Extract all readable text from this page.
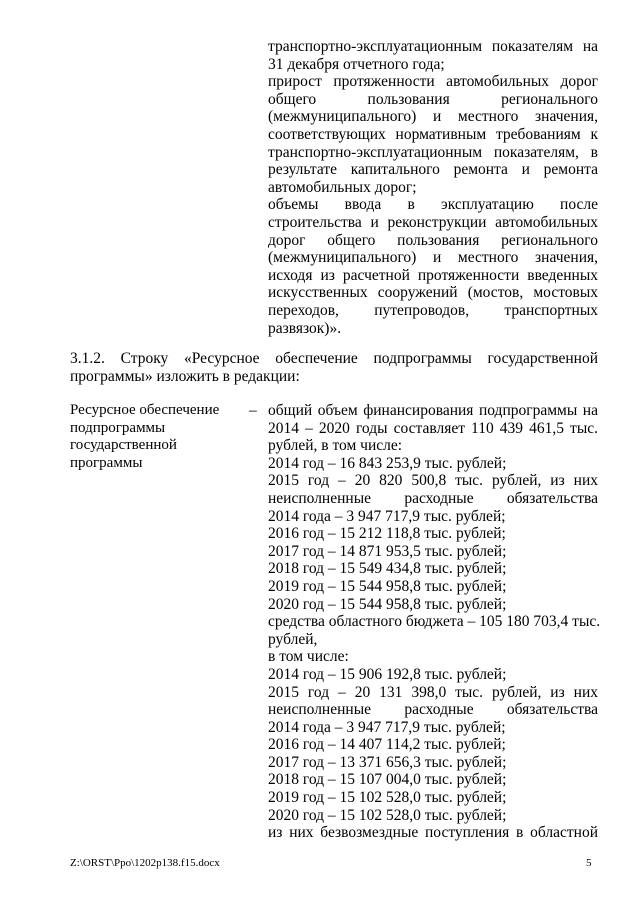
транспортно-эксплуатационным показателям на
31 декабря отчетного года;
прирост протяженности автомобильных дорог
общего пользования регионального
(межмуниципального) и местного значения,
соответствующих нормативным требованиям к
транспортно-эксплуатационным показателям, в
результате капитального ремонта и ремонта
автомобильных дорог;
объемы ввода в эксплуатацию после
строительства и реконструкции автомобильных
дорог общего пользования регионального
(межмуниципального) и местного значения,
исходя из расчетной протяженности введенных
искусственных сооружений (мостов, мостовых
переходов, путепроводов, транспортных
развязок)».
3.1.2. Строку «Ресурсное обеспечение подпрограммы государственной
программы» изложить в редакции:
Ресурсное обеспечение
подпрограммы
государственной
программы
– общий объем финансирования подпрограммы на
2014 – 2020 годы составляет 110 439 461,5 тыс.
рублей, в том числе:
2014 год – 16 843 253,9 тыс. рублей;
2015 год – 20 820 500,8 тыс. рублей, из них
неисполненные расходные обязательства
2014 года – 3 947 717,9 тыс. рублей;
2016 год – 15 212 118,8 тыс. рублей;
2017 год – 14 871 953,5 тыс. рублей;
2018 год – 15 549 434,8 тыс. рублей;
2019 год – 15 544 958,8 тыс. рублей;
2020 год – 15 544 958,8 тыс. рублей;
средства областного бюджета – 105 180 703,4 тыс.
рублей,
в том числе:
2014 год – 15 906 192,8 тыс. рублей;
2015 год – 20 131 398,0 тыс. рублей, из них
неисполненные расходные обязательства
2014 года – 3 947 717,9 тыс. рублей;
2016 год – 14 407 114,2 тыс. рублей;
2017 год – 13 371 656,3 тыс. рублей;
2018 год – 15 107 004,0 тыс. рублей;
2019 год – 15 102 528,0 тыс. рублей;
2020 год – 15 102 528,0 тыс. рублей;
из них безвозмездные поступления в областной
Z:\ORST\Ppo\1202p138.f15.docx	5
